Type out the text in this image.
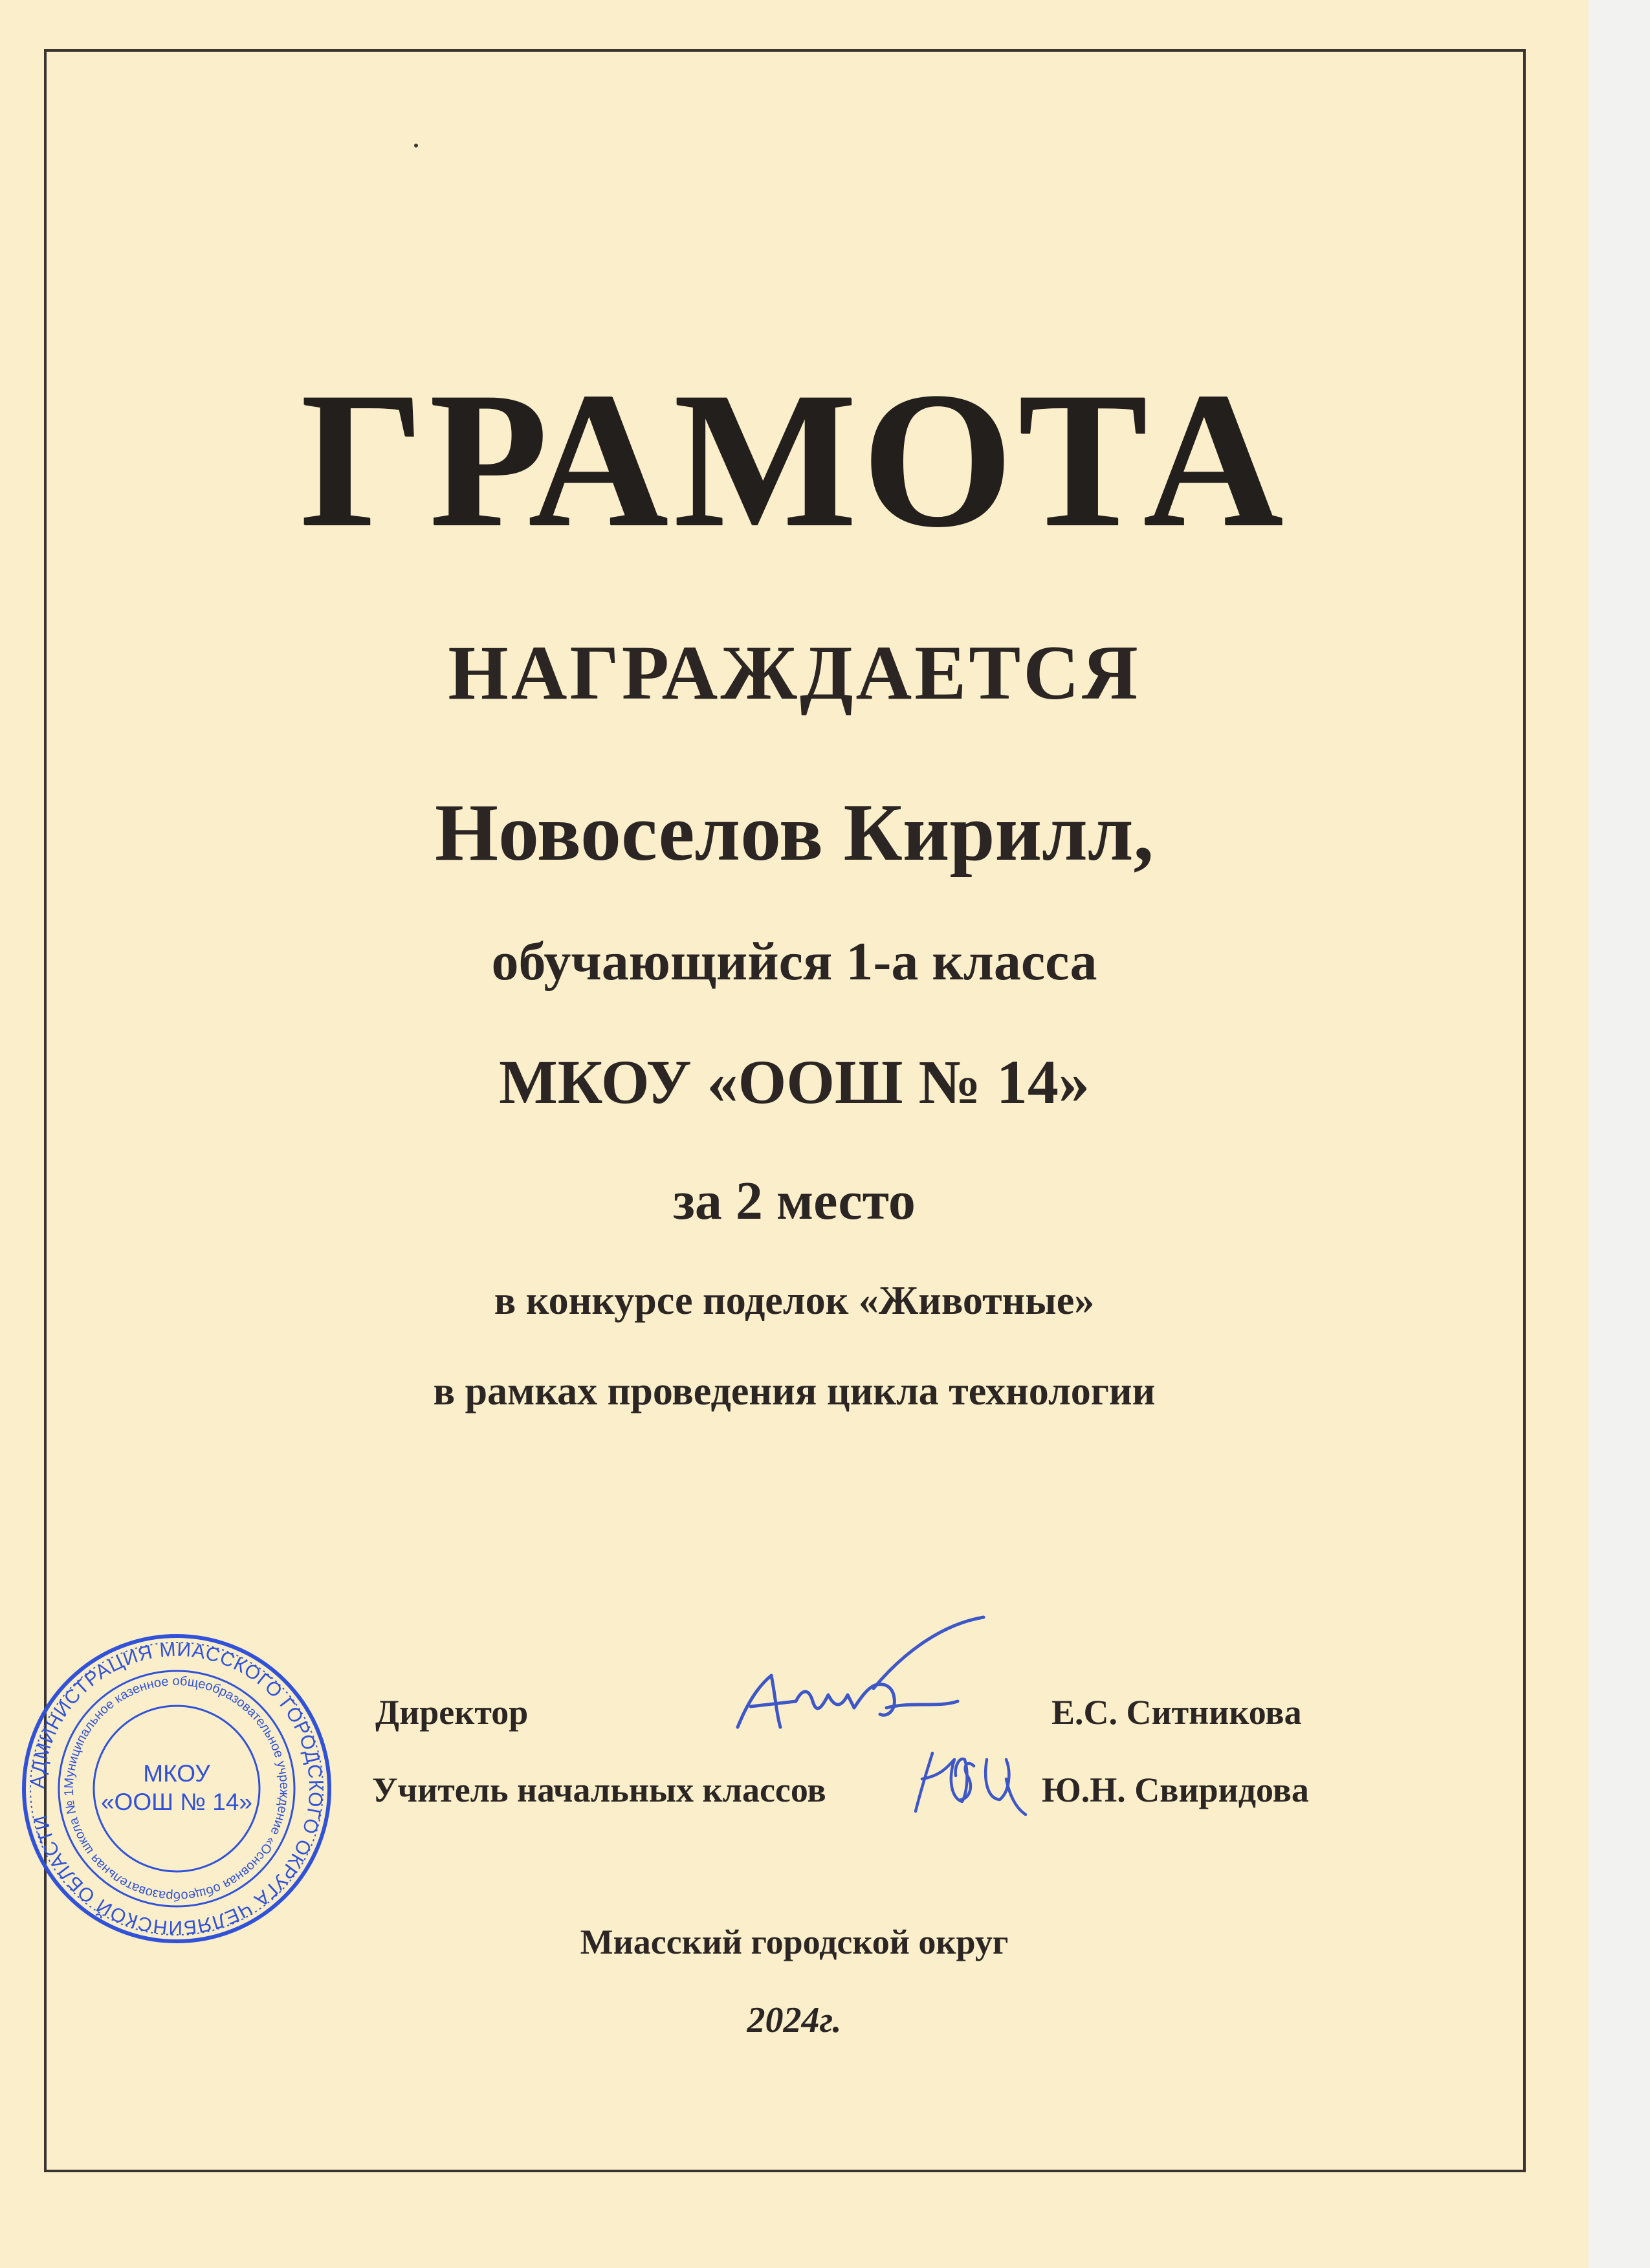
ГРАМОТА
НАГРАЖДАЕТСЯ
Новоселов Кирилл,
обучающийся 1-а класса
МКОУ «ООШ № 14»
за 2 место
в конкурсе поделок «Животные»
в рамках проведения цикла технологии
Директор	Е.С. Ситникова
Учитель начальных классов	Ю.Н. Свиридова
АДМИНИСТРАЦИЯ МИАССКОГО ГОРОДСКОГО ОКРУГА ЧЕЛЯБИНСКОЙ ОБЛАСТИ
Муниципальное казенное общеобразовательное учреждение «Основная общеобразовательная школа № 1
МКОУ
«ООШ № 14»
Миасский городской округ
2024г.
